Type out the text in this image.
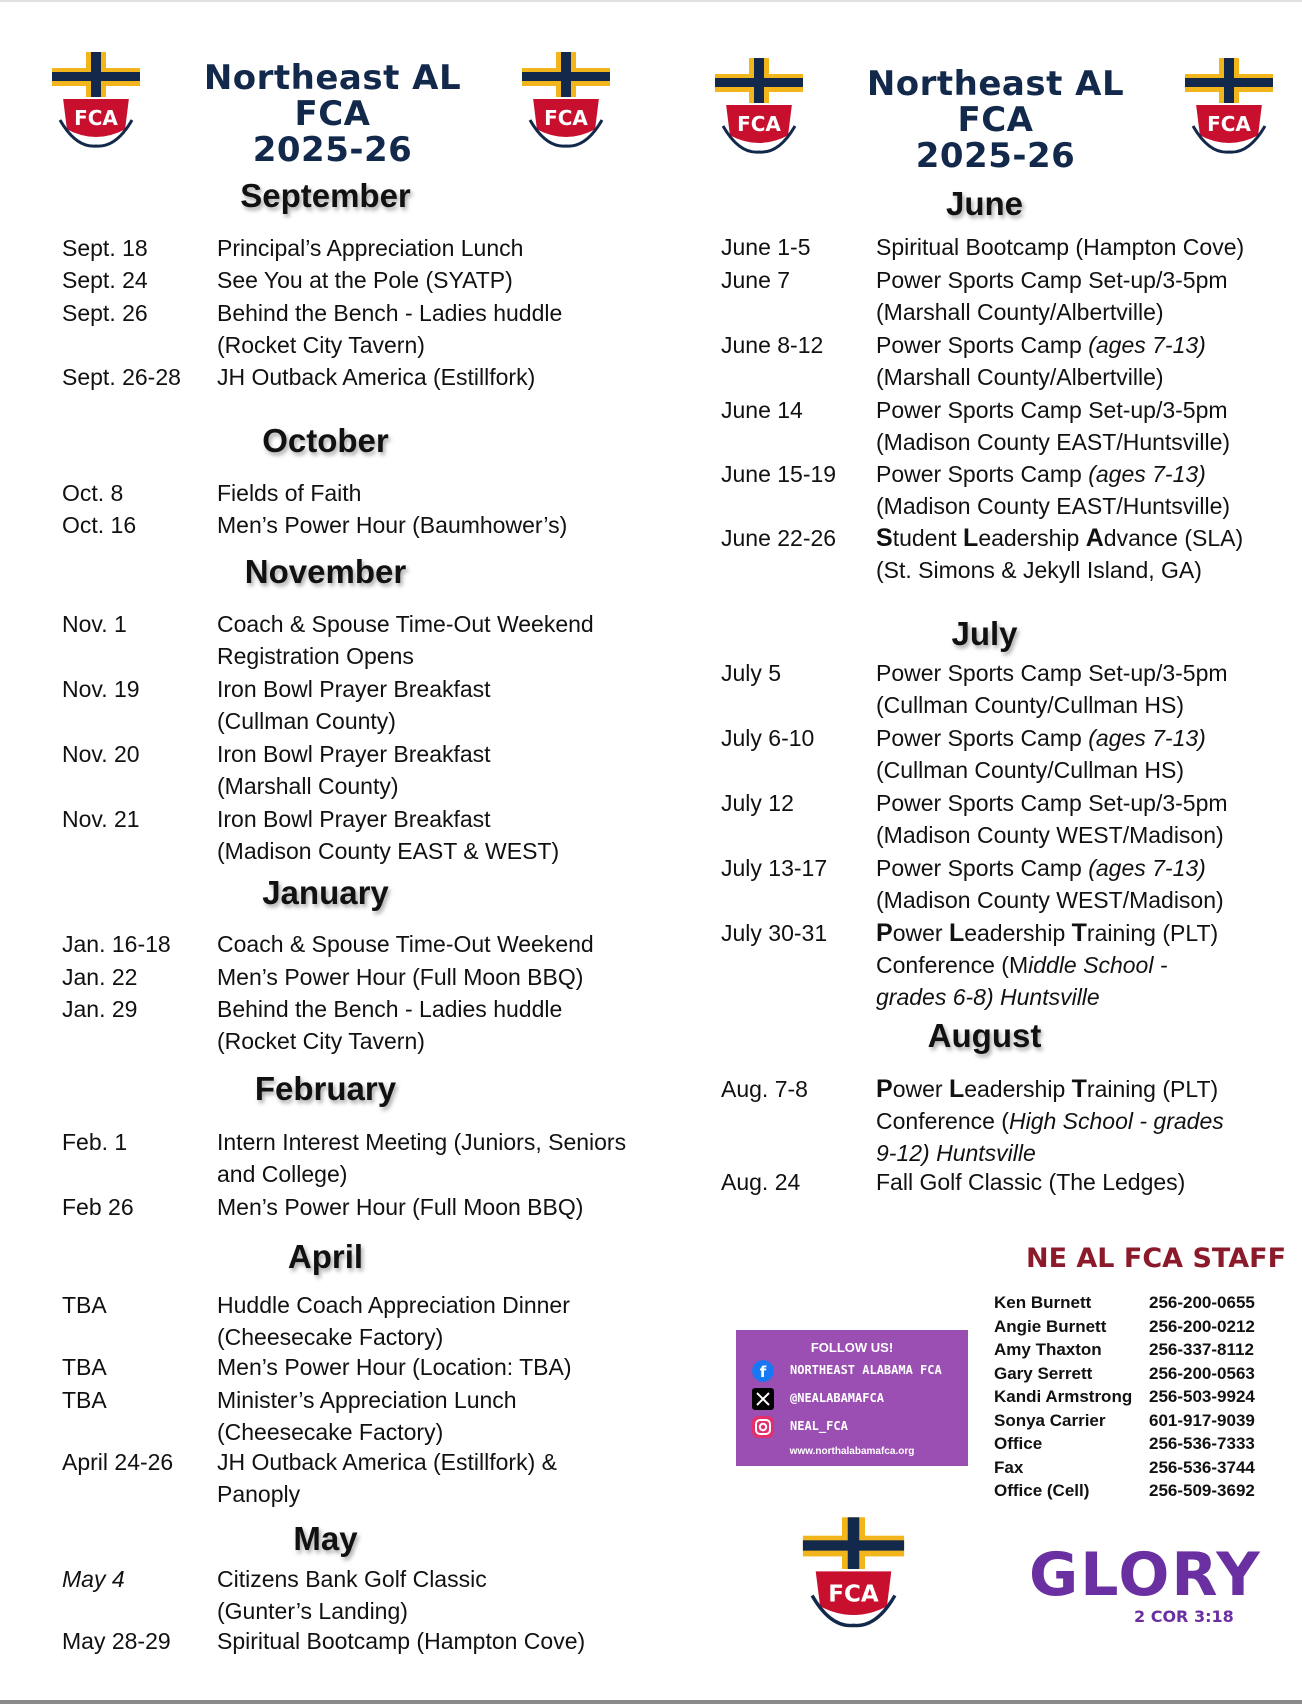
FCA
Northeast AL FCA
2025-26
FCA
September
Sept. 18	Principal’s Appreciation Lunch
Sept. 24	See You at the Pole (SYATP)
Sept. 26	Behind the Bench - Ladies huddle
(Rocket City Tavern)
Sept. 26-28	JH Outback America (Estillfork)
October
Oct. 8	Fields of Faith
Oct. 16	Men’s Power Hour (Baumhower’s)
November
Nov. 1	Coach & Spouse Time-Out Weekend
Registration Opens
Nov. 19	Iron Bowl Prayer Breakfast
(Cullman County)
Nov. 20	Iron Bowl Prayer Breakfast
(Marshall County)
Nov. 21	Iron Bowl Prayer Breakfast
(Madison County EAST & WEST)
January
Jan. 16-18	Coach & Spouse Time-Out Weekend
Jan. 22	Men’s Power Hour (Full Moon BBQ)
Jan. 29	Behind the Bench - Ladies huddle
(Rocket City Tavern)
February
Feb. 1	Intern Interest Meeting (Juniors, Seniors
and College)
Feb 26	Men’s Power Hour (Full Moon BBQ)
April
TBA	Huddle Coach Appreciation Dinner
(Cheesecake Factory)
TBA	Men’s Power Hour (Location: TBA)
TBA	Minister’s Appreciation Lunch
(Cheesecake Factory)
April 24-26	JH Outback America (Estillfork) &
Panoply
May
May 4	Citizens Bank Golf Classic
(Gunter’s Landing)
May 28-29	Spiritual Bootcamp (Hampton Cove)
FCA
Northeast AL FCA
2025-26
FCA
June
June 1-5	Spiritual Bootcamp (Hampton Cove)
June 7	Power Sports Camp Set-up/3-5pm
(Marshall County/Albertville)
June 8-12	Power Sports Camp (ages 7-13)
(Marshall County/Albertville)
June 14	Power Sports Camp Set-up/3-5pm
(Madison County EAST/Huntsville)
June 15-19	Power Sports Camp (ages 7-13)
(Madison County EAST/Huntsville)
June 22-26	Student Leadership Advance (SLA)
(St. Simons & Jekyll Island, GA)
July
July 5	Power Sports Camp Set-up/3-5pm
(Cullman County/Cullman HS)
July 6-10	Power Sports Camp (ages 7-13)
(Cullman County/Cullman HS)
July 12	Power Sports Camp Set-up/3-5pm
(Madison County WEST/Madison)
July 13-17	Power Sports Camp (ages 7-13)
(Madison County WEST/Madison)
July 30-31	Power Leadership Training (PLT)
Conference (Middle School -
grades 6-8) Huntsville
August
Aug. 7-8	Power Leadership Training (PLT)
Conference (High School - grades
9-12) Huntsville
Aug. 24	Fall Golf Classic (The Ledges)
NE AL FCA STAFF
Ken Burnett	256-200-0655
Angie Burnett	256-200-0212
Amy Thaxton	256-337-8112
Gary Serrett	256-200-0563
Kandi Armstrong 256-503-9924
Sonya Carrier	601-917-9039
Office	256-536-7333
Fax	256-536-3744
Office (Cell)	256-509-3692
FOLLOW US!
f NORTHEAST ALABAMA FCA
@NEALABAMAFCA
NEAL_FCA
www.northalabamafca.org
FCA	GLORY
2 COR 3:18
